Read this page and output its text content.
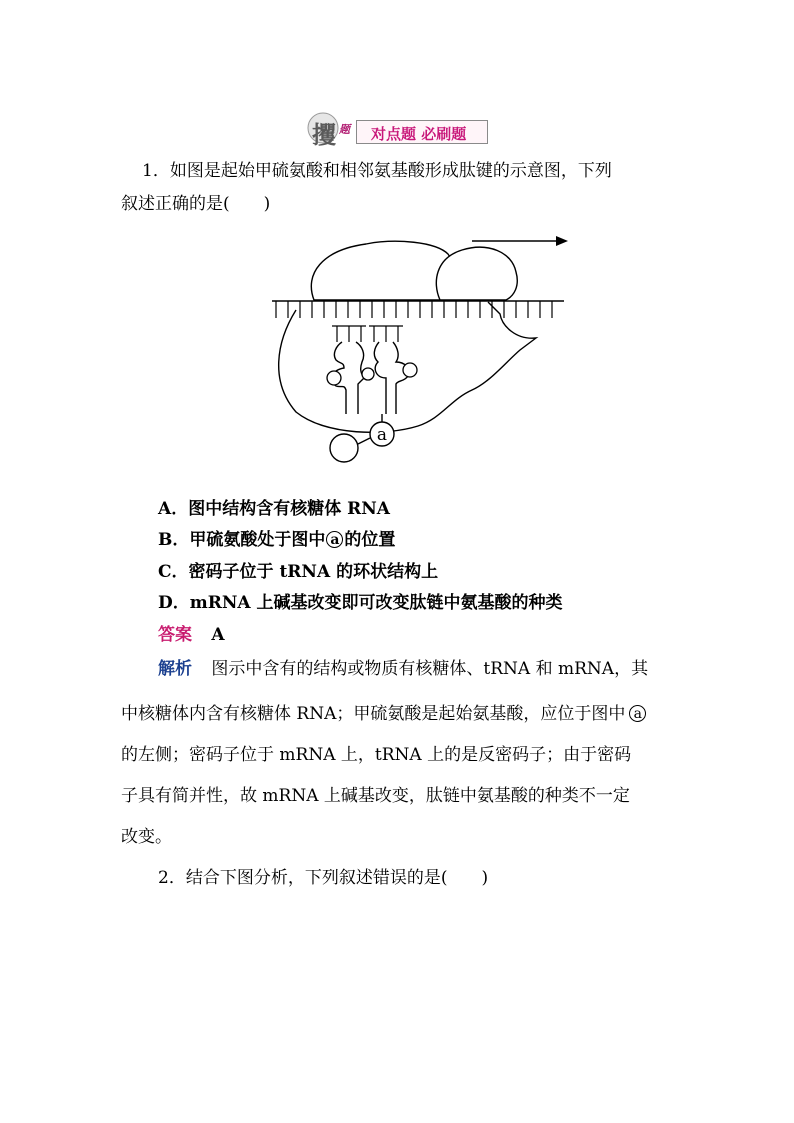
攫 题 对点题 必刷题
1．如图是起始甲硫氨酸和相邻氨基酸形成肽键的示意图，下列
叙述正确的是(　　)
a
A．图中结构含有核糖体 RNA
B．甲硫氨酸处于图中 a 的位置
C．密码子位于 tRNA 的环状结构上
D．mRNA 上碱基改变即可改变肽链中氨基酸的种类
答案 A
解析 图示中含有的结构或物质有核糖体、tRNA 和 mRNA，其
中核糖体内含有核糖体 RNA；甲硫氨酸是起始氨基酸，应位于图中 a
的左侧；密码子位于 mRNA 上，tRNA 上的是反密码子；由于密码
子具有简并性，故 mRNA 上碱基改变，肽链中氨基酸的种类不一定
改变。
2．结合下图分析，下列叙述错误的是(　　)
